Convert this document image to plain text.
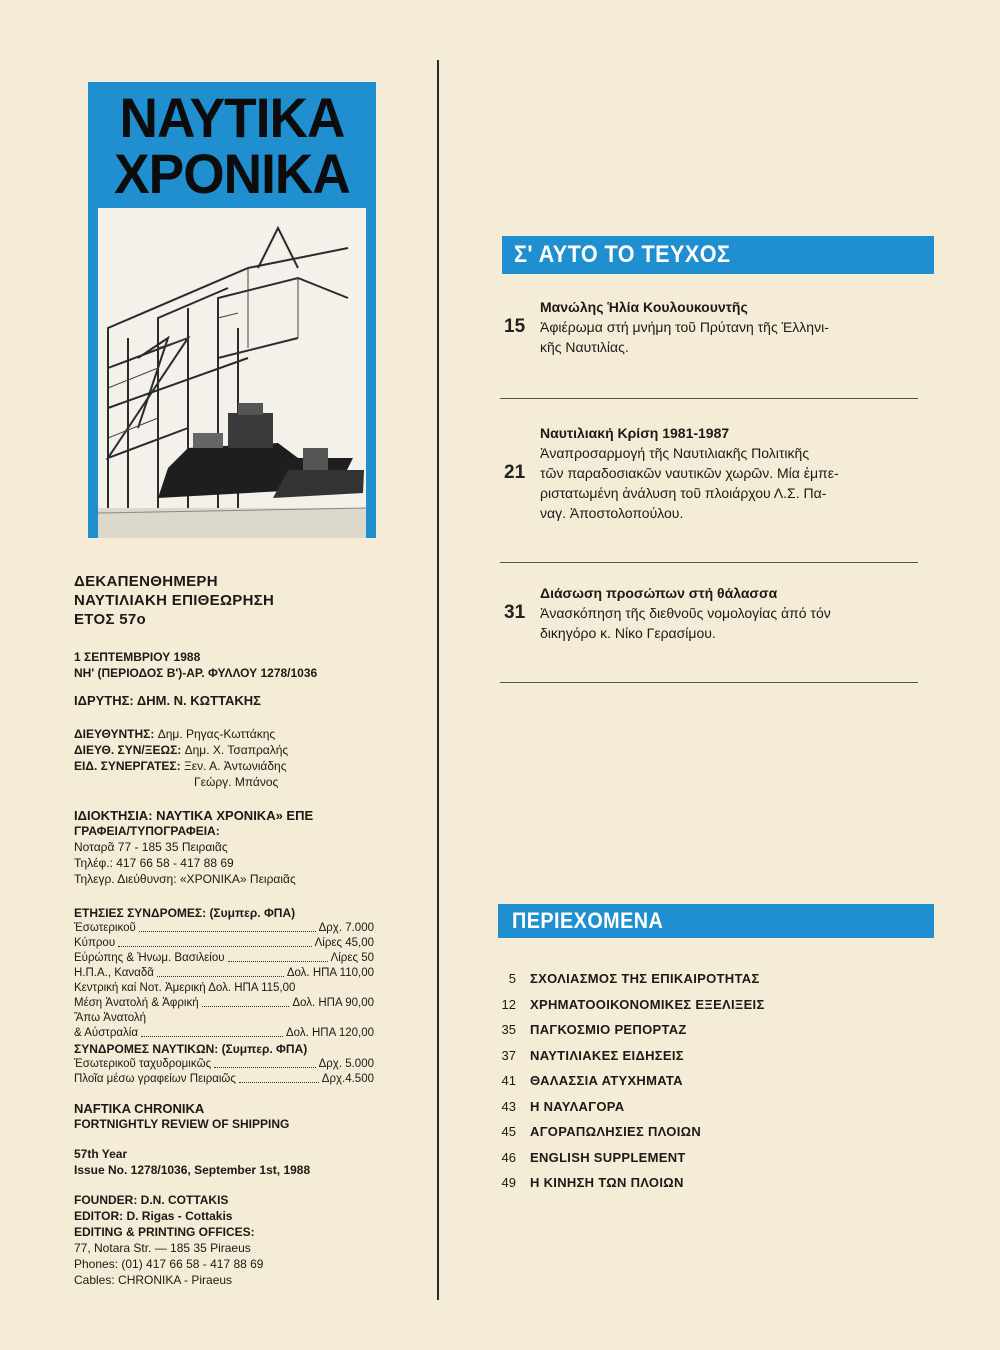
ΝΑΥΤΙΚΑ
ΧΡΟΝΙΚΑ
ΔΕΚΑΠΕΝΘΗΜΕΡΗ
ΝΑΥΤΙΛΙΑΚΗ ΕΠΙΘΕΩΡΗΣΗ
ΕΤΟΣ 57ο
1 ΣΕΠΤΕΜΒΡΙΟΥ 1988
ΝΗ' (ΠΕΡΙΟΔΟΣ Β')-ΑΡ. ΦΥΛΛΟΥ 1278/1036
ΙΔΡΥΤΗΣ: ΔΗΜ. Ν. ΚΩΤΤΑΚΗΣ
ΔΙΕΥΘΥΝΤΗΣ:
Δημ. Ρηγας-Κωττάκης
ΔΙΕΥΘ. ΣΥΝ/ΞΕΩΣ:
Δημ. Χ. Τσαπραλής
ΕΙΔ. ΣΥΝΕΡΓΑΤΕΣ:
Ξεν. Α. Ἀντωνιάδης
Γεώργ. Μπάνος
ΙΔΙΟΚΤΗΣΙΑ: ΝΑΥΤΙΚΑ ΧΡΟΝΙΚΑ» ΕΠΕ
ΓΡΑΦΕΙΑ/ΤΥΠΟΓΡΑΦΕΙΑ:
Νοταρᾶ 77 - 185 35 Πειραιᾶς
Τηλέφ.: 417 66 58 - 417 88 69
Τηλεγρ. Διεύθυνση: «ΧΡΟΝΙΚΑ» Πειραιᾶς
ΕΤΗΣΙΕΣ ΣΥΝΔΡΟΜΕΣ: (Συμπερ. ΦΠΑ)
Ἐσωτερικοῦ	Δρχ. 7.000
Κύπρου	Λίρες 45,00
Εὐρώπης & Ἡνωμ. Βασιλείου	Λίρες 50
Η.Π.Α., Καναδᾶ	Δολ. ΗΠΑ 110,00
Κεντρική καί Νοτ. Ἀμερική Δολ. ΗΠΑ 115,00
Μέση Ἀνατολή & Ἀφρική	Δολ. ΗΠΑ 90,00
Ἄπω Ἀνατολή
& Αὐστραλία	Δολ. ΗΠΑ 120,00
ΣΥΝΔΡΟΜΕΣ ΝΑΥΤΙΚΩΝ: (Συμπερ. ΦΠΑ)
Ἐσωτερικοῦ ταχυδρομικῶς	Δρχ. 5.000
Πλοῖα μέσω γραφείων Πειραιῶς	Δρχ.4.500
NAFTIKA CHRONIKA
FORTNIGHTLY REVIEW OF SHIPPING
57th Year
Issue No. 1278/1036, September 1st, 1988
FOUNDER: D.N. COTTAKIS
EDITOR: D. Rigas - Cottakis
EDITING & PRINTING OFFICES:
77, Notara Str. — 185 35 Piraeus
Phones: (01) 417 66 58 - 417 88 69
Cables: CHRONIKA - Piraeus
Σ' ΑΥΤΟ ΤΟ ΤΕΥΧΟΣ
15
Μανώλης Ἡλία Κουλουκουντῆς
Ἀφιέρωμα στή μνήμη τοῦ Πρύτανη τῆς Ἑλληνι-
κῆς Ναυτιλίας.
21
Ναυτιλιακή Κρίση 1981-1987
Ἀναπροσαρμογή τῆς Ναυτιλιακῆς Πολιτικῆς
τῶν παραδοσιακῶν ναυτικῶν χωρῶν. Μία ἐμπε-
ριστατωμένη ἀνάλυση τοῦ πλοιάρχου Λ.Σ. Πα-
ναγ. Ἀποστολοπούλου.
31
Διάσωση προσώπων στή θάλασσα
Ἀνασκόπηση τῆς διεθνοῦς νομολογίας ἀπό τόν
δικηγόρο κ. Νίκο Γερασίμου.
ΠΕΡΙΕΧΟΜΕΝΑ
5 ΣΧΟΛΙΑΣΜΟΣ ΤΗΣ ΕΠΙΚΑΙΡΟΤΗΤΑΣ
12 ΧΡΗΜΑΤΟΟΙΚΟΝΟΜΙΚΕΣ ΕΞΕΛΙΞΕΙΣ
35 ΠΑΓΚΟΣΜΙΟ ΡΕΠΟΡΤΑΖ
37 ΝΑΥΤΙΛΙΑΚΕΣ ΕΙΔΗΣΕΙΣ
41 ΘΑΛΑΣΣΙΑ ΑΤΥΧΗΜΑΤΑ
43 Η ΝΑΥΛΑΓΟΡΑ
45 ΑΓΟΡΑΠΩΛΗΣΙΕΣ ΠΛΟΙΩΝ
46 ENGLISH SUPPLEMENT
49 Η ΚΙΝΗΣΗ ΤΩΝ ΠΛΟΙΩΝ
